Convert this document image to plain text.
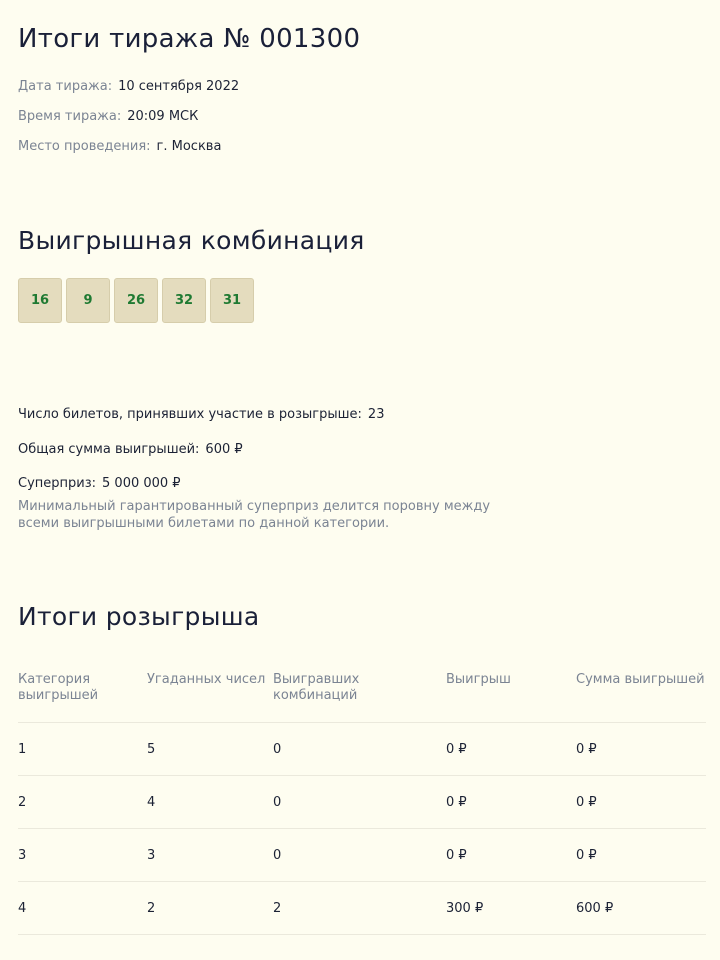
Итоги тиража № 001300
Дата тиража: 10 сентября 2022
Время тиража: 20:09 МСК
Место проведения: г. Москва
Выигрышная комбинация
16	9	26	32	31
Число билетов, принявших участие в розыгрыше: 23
Общая сумма выигрышей: 600 ₽
Суперприз: 5 000 000 ₽
Минимальный гарантированный суперприз делится поровну между всеми выигрышными билетами по данной категории.
Итоги розыгрыша
Категория выигрышей	Угаданных чисел	Выигравших комбинаций	Выигрыш	Сумма выигрышей
1	5	0	0 ₽	0 ₽
2	4	0	0 ₽	0 ₽
3	3	0	0 ₽	0 ₽
4	2	2	300 ₽	600 ₽
